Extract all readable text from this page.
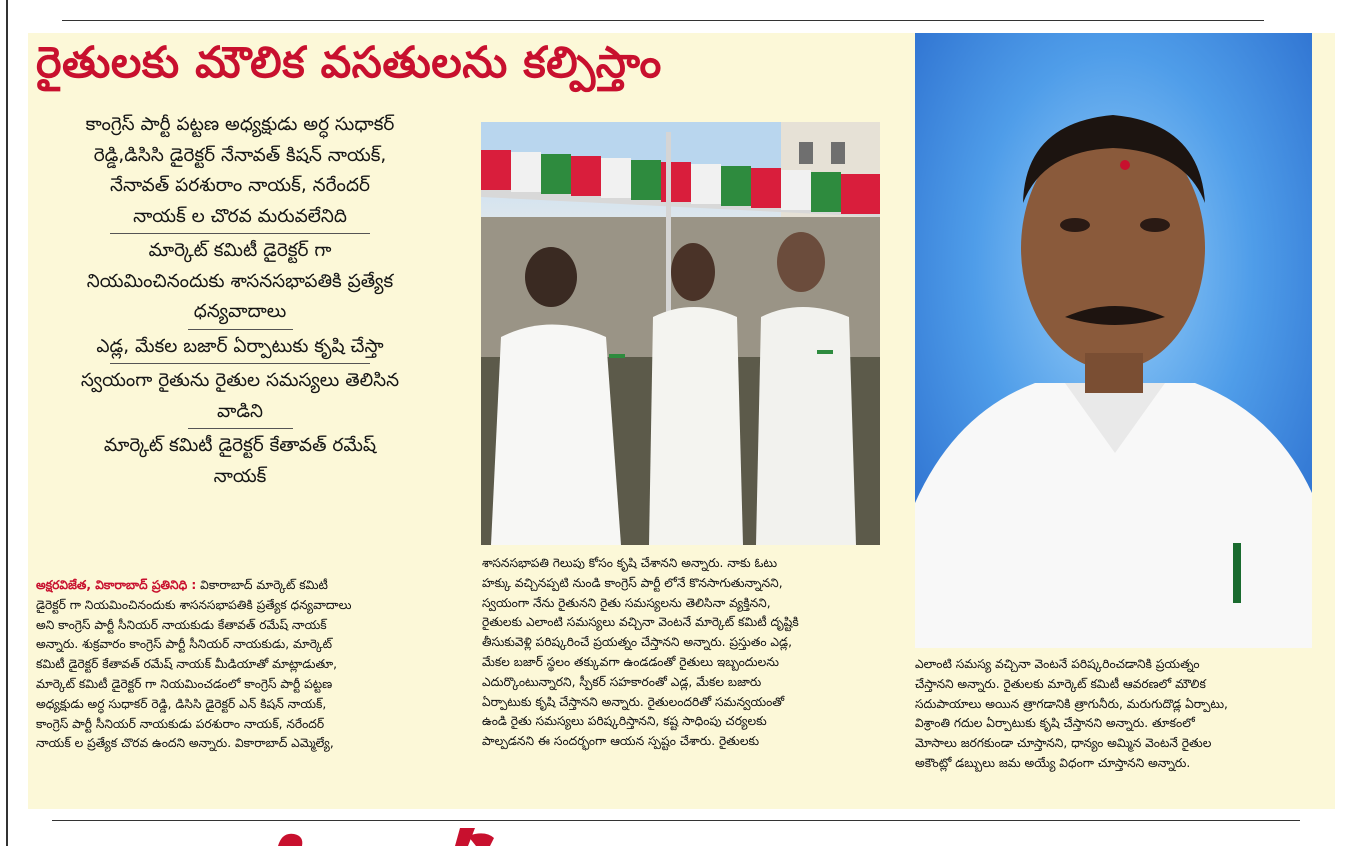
రైతులకు మౌలిక వసతులను కల్పిస్తాం
కాంగ్రెస్ పార్టీ పట్టణ అధ్యక్షుడు అర్ధ సుధాకర్
రెడ్డి,డిసిసి డైరెక్టర్ నేనావత్ కిషన్ నాయక్,
నేనావత్ పరశురాం నాయక్, నరేందర్
నాయక్ ల చొరవ మరువలేనిది
మార్కెట్ కమిటీ డైరెక్టర్ గా
నియమించినందుకు శాసనసభాపతికి ప్రత్యేక
ధన్యవాదాలు
ఎడ్ల, మేకల బజార్ ఏర్పాటుకు కృషి చేస్తా
స్వయంగా రైతును రైతుల సమస్యలు తెలిసిన
వాడిని
మార్కెట్ కమిటీ డైరెక్టర్ కేతావత్ రమేష్
నాయక్
అక్షరవిజేత, వికారాబాద్ ప్రతినిధి : వికారాబాద్ మార్కెట్ కమిటీ
డైరెక్టర్ గా నియమించినందుకు శాసనసభాపతికి ప్రత్యేక ధన్యవాదాలు
అని కాంగ్రెస్ పార్టీ సీనియర్ నాయకుడు కేతావత్ రమేష్ నాయక్
అన్నారు. శుక్రవారం కాంగ్రెస్ పార్టీ సీనియర్ నాయకుడు, మార్కెట్
కమిటీ డైరెక్టర్ కేతావత్ రమేష్ నాయక్ మీడియాతో మాట్లాడుతూ,
మార్కెట్ కమిటీ డైరెక్టర్ గా నియమించడంలో కాంగ్రెస్ పార్టీ పట్టణ
అధ్యక్షుడు అర్ధ సుధాకర్ రెడ్డి, డిసిసి డైరెక్టర్ ఎన్ కిషన్ నాయక్,
కాంగ్రెస్ పార్టీ సీనియర్ నాయకుడు పరశురాం నాయక్, నరేందర్
నాయక్ ల ప్రత్యేక చొరవ ఉందని అన్నారు. వికారాబాద్ ఎమ్మెల్యే,
శాసనసభాపతి గెలుపు కోసం కృషి చేశానని అన్నారు. నాకు ఓటు
హక్కు వచ్చినప్పటి నుండి కాంగ్రెస్ పార్టీ లోనే కొనసాగుతున్నానని,
స్వయంగా నేను రైతునని రైతు సమస్యలను తెలిసినా వ్యక్తినని,
రైతులకు ఎలాంటి సమస్యలు వచ్చినా వెంటనే మార్కెట్ కమిటీ దృష్టికి
తీసుకువెళ్లి పరిష్కరించే ప్రయత్నం చేస్తానని అన్నారు. ప్రస్తుతం ఎడ్ల,
మేకల బజార్ స్థలం తక్కువగా ఉండడంతో రైతులు ఇబ్బందులను
ఎదుర్కొంటున్నారని, స్పీకర్ సహకారంతో ఎడ్ల, మేకల బజారు
ఏర్పాటుకు కృషి చేస్తానని అన్నారు. రైతులందరితో సమన్వయంతో
ఉండి రైతు సమస్యలు పరిష్కరిస్తానని, కష్ట సాధింపు చర్యలకు
పాల్పడనని ఈ సందర్భంగా ఆయన స్పష్టం చేశారు. రైతులకు
ఎలాంటి సమస్య వచ్చినా వెంటనే పరిష్కరించడానికి ప్రయత్నం
చేస్తానని అన్నారు. రైతులకు మార్కెట్ కమిటీ ఆవరణలో మౌలిక
సదుపాయాలు అయిన త్రాగడానికి త్రాగునీరు, మరుగుదొడ్ల ఏర్పాటు,
విశ్రాంతి గదుల ఏర్పాటుకు కృషి చేస్తానని అన్నారు. తూకంలో
మోసాలు జరగకుండా చూస్తానని, ధాన్యం అమ్మిన వెంటనే రైతుల
అకౌంట్లో డబ్బులు జమ అయ్యే విధంగా చూస్తానని అన్నారు.
